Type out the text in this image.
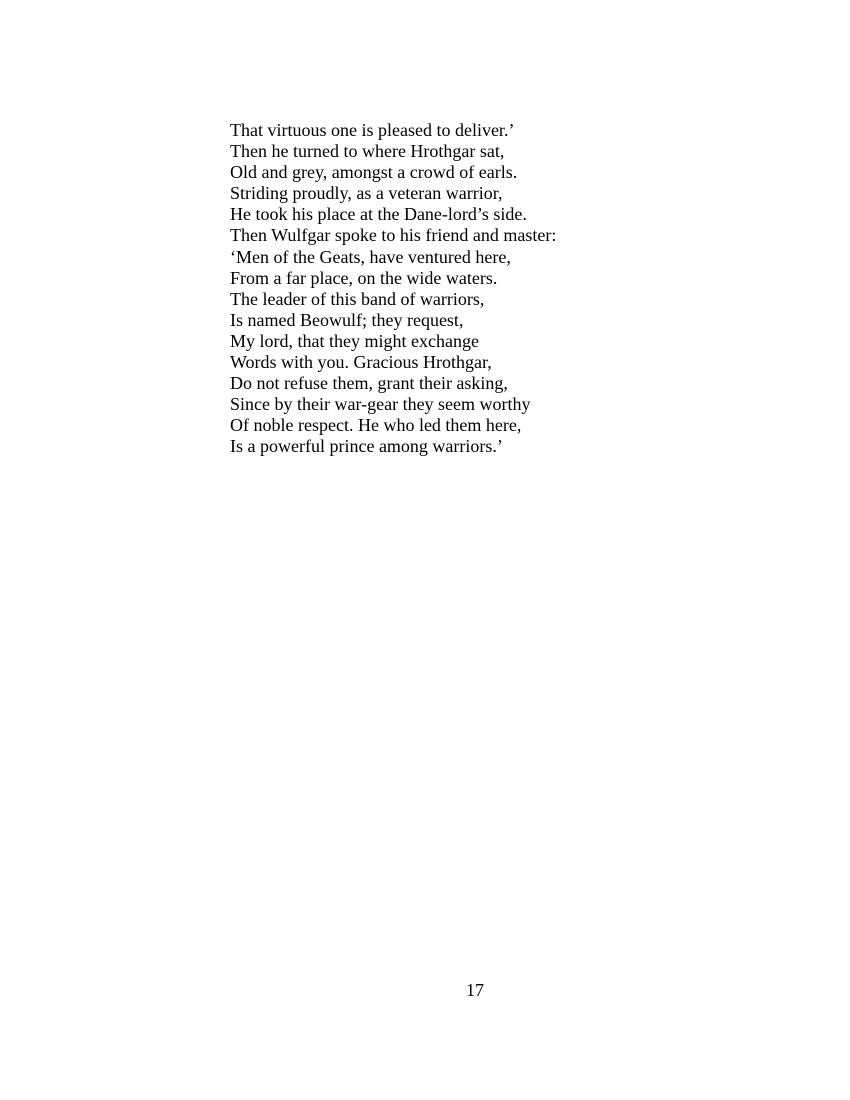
That virtuous one is pleased to deliver.’
Then he turned to where Hrothgar sat,
Old and grey, amongst a crowd of earls.
Striding proudly, as a veteran warrior,
He took his place at the Dane-lord’s side.
Then Wulfgar spoke to his friend and master:
‘Men of the Geats, have ventured here,
From a far place, on the wide waters.
The leader of this band of warriors,
Is named Beowulf; they request,
My lord, that they might exchange
Words with you. Gracious Hrothgar,
Do not refuse them, grant their asking,
Since by their war-gear they seem worthy
Of noble respect. He who led them here,
Is a powerful prince among warriors.’
17
